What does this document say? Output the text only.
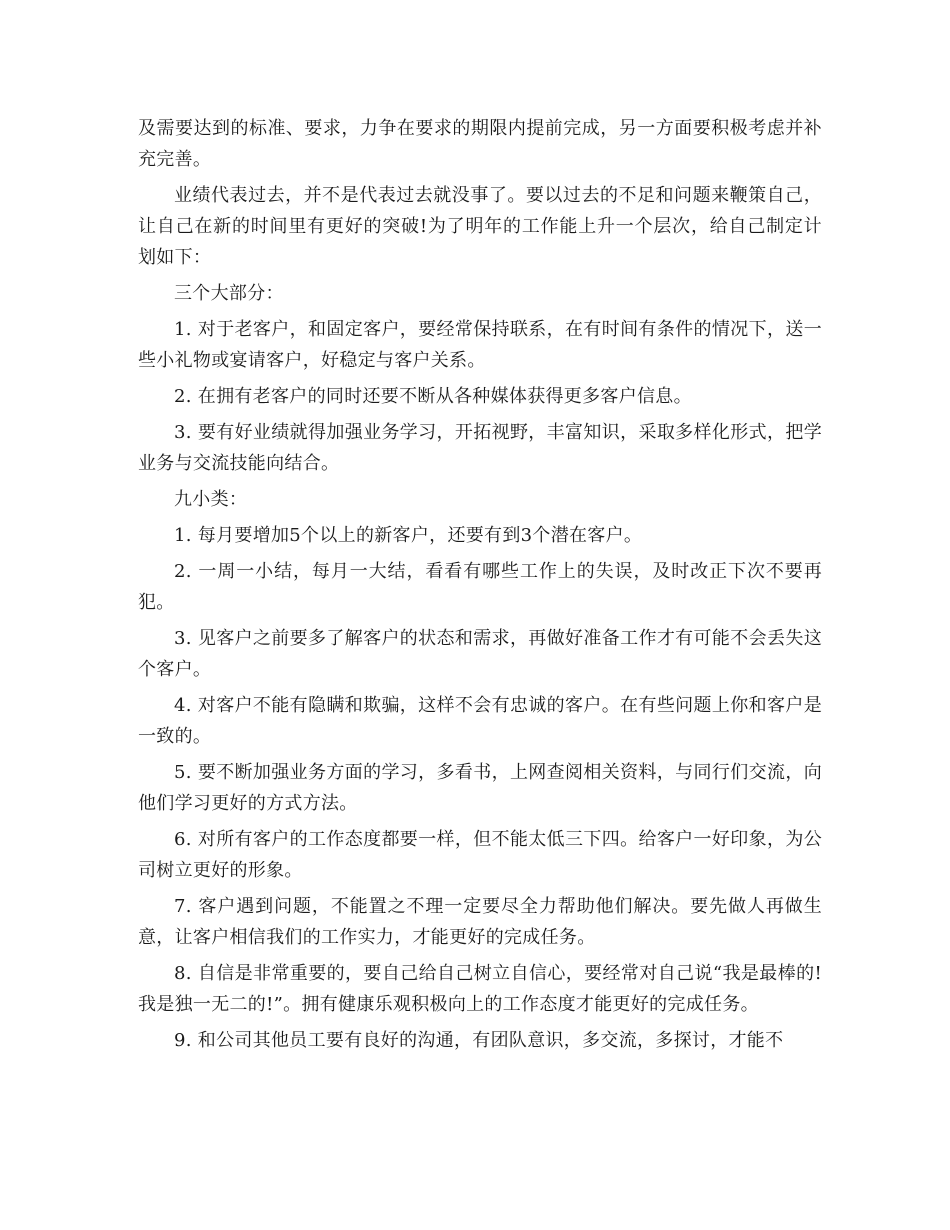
及需要达到的标准、要求，力争在要求的期限内提前完成，另一方面要积极考虑并补充完善。

业绩代表过去，并不是代表过去就没事了。要以过去的不足和问题来鞭策自己，让自己在新的时间里有更好的突破!为了明年的工作能上升一个层次，给自己制定计划如下：

三个大部分：

1. 对于老客户，和固定客户，要经常保持联系，在有时间有条件的情况下，送一些小礼物或宴请客户，好稳定与客户关系。

2. 在拥有老客户的同时还要不断从各种媒体获得更多客户信息。

3. 要有好业绩就得加强业务学习，开拓视野，丰富知识，采取多样化形式，把学业务与交流技能向结合。

九小类：

1. 每月要增加5个以上的新客户，还要有到3个潜在客户。

2. 一周一小结，每月一大结，看看有哪些工作上的失误，及时改正下次不要再犯。

3. 见客户之前要多了解客户的状态和需求，再做好准备工作才有可能不会丢失这个客户。

4. 对客户不能有隐瞒和欺骗，这样不会有忠诚的客户。在有些问题上你和客户是一致的。

5. 要不断加强业务方面的学习，多看书，上网查阅相关资料，与同行们交流，向他们学习更好的方式方法。

6. 对所有客户的工作态度都要一样，但不能太低三下四。给客户一好印象，为公司树立更好的形象。

7. 客户遇到问题，不能置之不理一定要尽全力帮助他们解决。要先做人再做生意，让客户相信我们的工作实力，才能更好的完成任务。

8. 自信是非常重要的，要自己给自己树立自信心，要经常对自己说“我是最棒的!我是独一无二的!”。拥有健康乐观积极向上的工作态度才能更好的完成任务。

9. 和公司其他员工要有良好的沟通，有团队意识，多交流，多探讨，才能不
